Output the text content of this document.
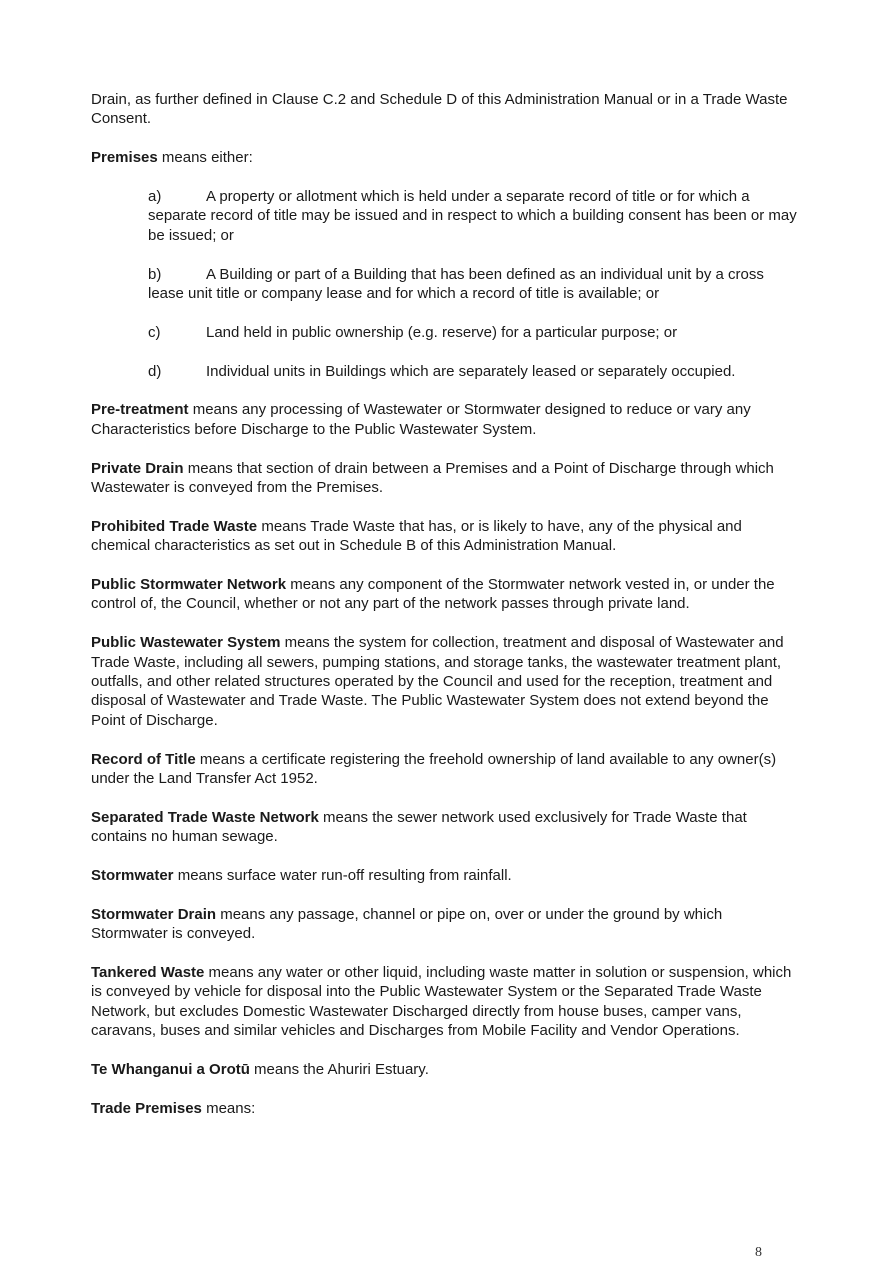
Drain, as further defined in Clause C.2 and Schedule D of this Administration Manual or in a Trade Waste Consent.

Premises means either:

a)	A property or allotment which is held under a separate record of title or for which a separate record of title may be issued and in respect to which a building consent has been or may be issued; or

b)	A Building or part of a Building that has been defined as an individual unit by a cross lease unit title or company lease and for which a record of title is available; or

c)	Land held in public ownership (e.g. reserve) for a particular purpose; or

d)	Individual units in Buildings which are separately leased or separately occupied.

Pre-treatment means any processing of Wastewater or Stormwater designed to reduce or vary any Characteristics before Discharge to the Public Wastewater System.

Private Drain means that section of drain between a Premises and a Point of Discharge through which Wastewater is conveyed from the Premises.

Prohibited Trade Waste means Trade Waste that has, or is likely to have, any of the physical and chemical characteristics as set out in Schedule B of this Administration Manual.

Public Stormwater Network means any component of the Stormwater network vested in, or under the control of, the Council, whether or not any part of the network passes through private land.

Public Wastewater System means the system for collection, treatment and disposal of Wastewater and Trade Waste, including all sewers, pumping stations, and storage tanks, the wastewater treatment plant, outfalls, and other related structures operated by the Council and used for the reception, treatment and disposal of Wastewater and Trade Waste. The Public Wastewater System does not extend beyond the Point of Discharge.

Record of Title means a certificate registering the freehold ownership of land available to any owner(s) under the Land Transfer Act 1952.

Separated Trade Waste Network means the sewer network used exclusively for Trade Waste that contains no human sewage.

Stormwater means surface water run-off resulting from rainfall.

Stormwater Drain means any passage, channel or pipe on, over or under the ground by which Stormwater is conveyed.

Tankered Waste means any water or other liquid, including waste matter in solution or suspension, which is conveyed by vehicle for disposal into the Public Wastewater System or the Separated Trade Waste Network, but excludes Domestic Wastewater Discharged directly from house buses, camper vans, caravans, buses and similar vehicles and Discharges from Mobile Facility and Vendor Operations.

Te Whanganui a Orotū means the Ahuriri Estuary.

Trade Premises means:

8
